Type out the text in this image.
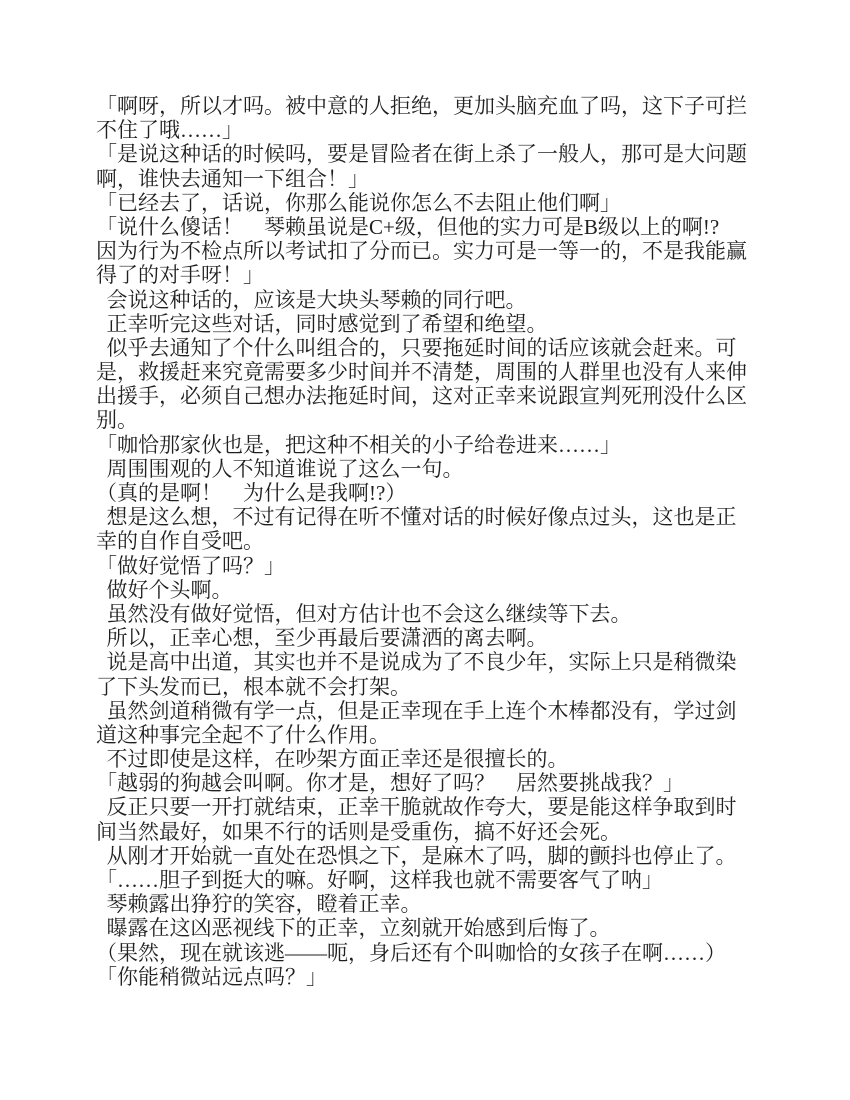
「啊呀，所以才吗。被中意的人拒绝，更加头脑充血了吗，这下子可拦
不住了哦……」
「是说这种话的时候吗，要是冒险者在街上杀了一般人，那可是大问题
啊，谁快去通知一下组合！」
「已经去了，话说，你那么能说你怎么不去阻止他们啊」
「说什么傻话！　琴赖虽说是C+级，但他的实力可是B级以上的啊!?
因为行为不检点所以考试扣了分而已。实力可是一等一的，不是我能赢
得了的对手呀！」
会说这种话的，应该是大块头琴赖的同行吧。
正幸听完这些对话，同时感觉到了希望和绝望。
似乎去通知了个什么叫组合的，只要拖延时间的话应该就会赶来。可
是，救援赶来究竟需要多少时间并不清楚，周围的人群里也没有人来伸
出援手，必须自己想办法拖延时间，这对正幸来说跟宣判死刑没什么区
别。
「咖恰那家伙也是，把这种不相关的小子给卷进来……」
周围围观的人不知道谁说了这么一句。
（真的是啊！　为什么是我啊!?）
想是这么想，不过有记得在听不懂对话的时候好像点过头，这也是正
幸的自作自受吧。
「做好觉悟了吗？」
做好个头啊。
虽然没有做好觉悟，但对方估计也不会这么继续等下去。
所以，正幸心想，至少再最后要潇洒的离去啊。
说是高中出道，其实也并不是说成为了不良少年，实际上只是稍微染
了下头发而已，根本就不会打架。
虽然剑道稍微有学一点，但是正幸现在手上连个木棒都没有，学过剑
道这种事完全起不了什么作用。
不过即使是这样，在吵架方面正幸还是很擅长的。
「越弱的狗越会叫啊。你才是，想好了吗？　居然要挑战我？」
反正只要一开打就结束，正幸干脆就故作夸大，要是能这样争取到时
间当然最好，如果不行的话则是受重伤，搞不好还会死。
从刚才开始就一直处在恐惧之下，是麻木了吗，脚的颤抖也停止了。
「……胆子到挺大的嘛。好啊，这样我也就不需要客气了呐」
琴赖露出狰狞的笑容，瞪着正幸。
曝露在这凶恶视线下的正幸，立刻就开始感到后悔了。
（果然，现在就该逃——呃，身后还有个叫咖恰的女孩子在啊……）
「你能稍微站远点吗？」
